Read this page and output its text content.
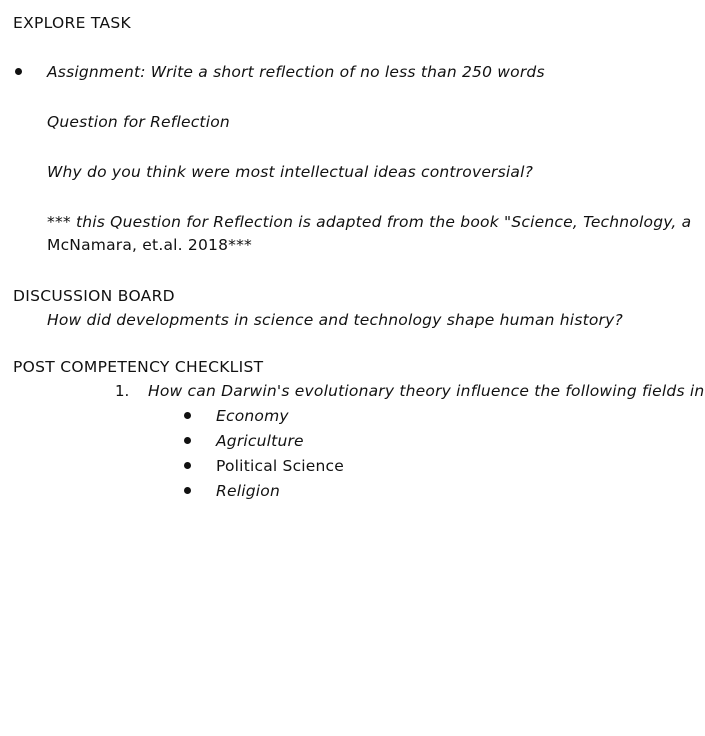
EXPLORE TASK
Assignment: Write a short reflection of no less than 250 words
Question for Reflection
Why do you think were most intellectual ideas controversial?
*** this Question for Reflection is adapted from the book "Science, Technology, a
McNamara, et.al. 2018***
DISCUSSION BOARD
How did developments in science and technology shape human history?
POST COMPETENCY CHECKLIST
1. How can Darwin's evolutionary theory influence the following fields in
Economy
Agriculture
Political Science
Religion
